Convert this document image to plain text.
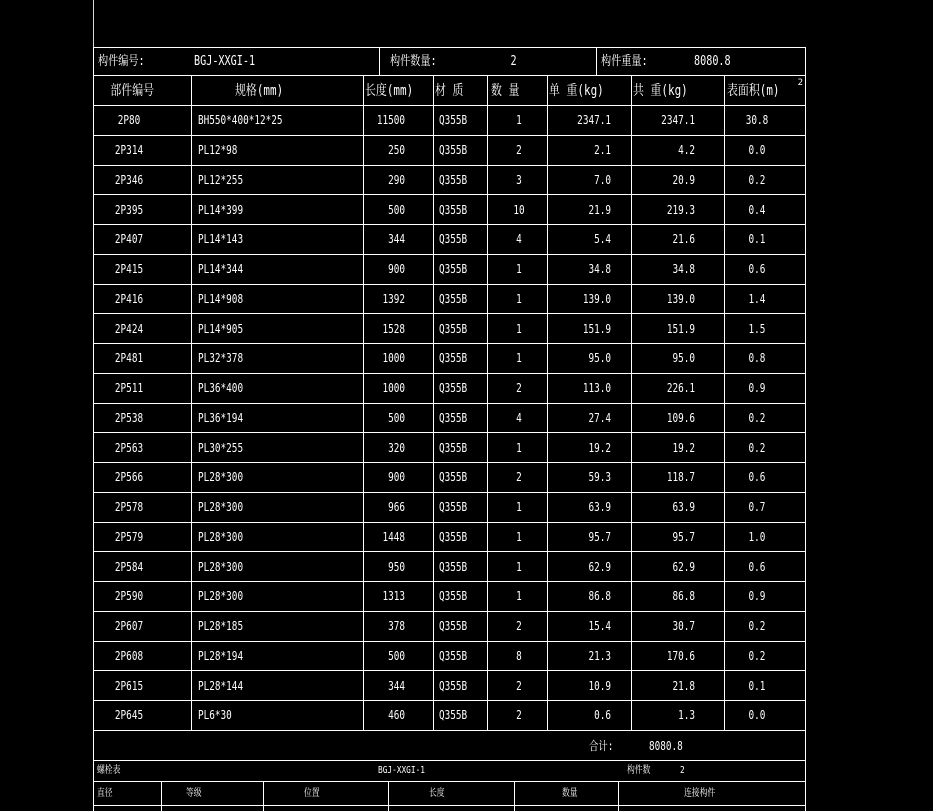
构件编号:	BGJ-XXGI-1	构件数量:	2	构件重量:	8080.8
部件编号	规格(mm)	长度(mm)	材 质	数 量	单 重(kg)	共 重(kg)	表面积(m) 2
2P80	BH550*400*12*25	11500	Q355B	1	2347.1	2347.1	30.8
2P314	PL12*98	250	Q355B	2	2.1	4.2	0.0
2P346	PL12*255	290	Q355B	3	7.0	20.9	0.2
2P395	PL14*399	500	Q355B	10	21.9	219.3	0.4
2P407	PL14*143	344	Q355B	4	5.4	21.6	0.1
2P415	PL14*344	900	Q355B	1	34.8	34.8	0.6
2P416	PL14*908	1392	Q355B	1	139.0	139.0	1.4
2P424	PL14*905	1528	Q355B	1	151.9	151.9	1.5
2P481	PL32*378	1000	Q355B	1	95.0	95.0	0.8
2P511	PL36*400	1000	Q355B	2	113.0	226.1	0.9
2P538	PL36*194	500	Q355B	4	27.4	109.6	0.2
2P563	PL30*255	320	Q355B	1	19.2	19.2	0.2
2P566	PL28*300	900	Q355B	2	59.3	118.7	0.6
2P578	PL28*300	966	Q355B	1	63.9	63.9	0.7
2P579	PL28*300	1448	Q355B	1	95.7	95.7	1.0
2P584	PL28*300	950	Q355B	1	62.9	62.9	0.6
2P590	PL28*300	1313	Q355B	1	86.8	86.8	0.9
2P607	PL28*185	378	Q355B	2	15.4	30.7	0.2
2P608	PL28*194	500	Q355B	8	21.3	170.6	0.2
2P615	PL28*144	344	Q355B	2	10.9	21.8	0.1
2P645	PL6*30	460	Q355B	2	0.6	1.3	0.0
合计:	8080.8
螺栓表	BGJ-XXGI-1	构件数	2
直径	等级	位置	长度	数量	连接构件
